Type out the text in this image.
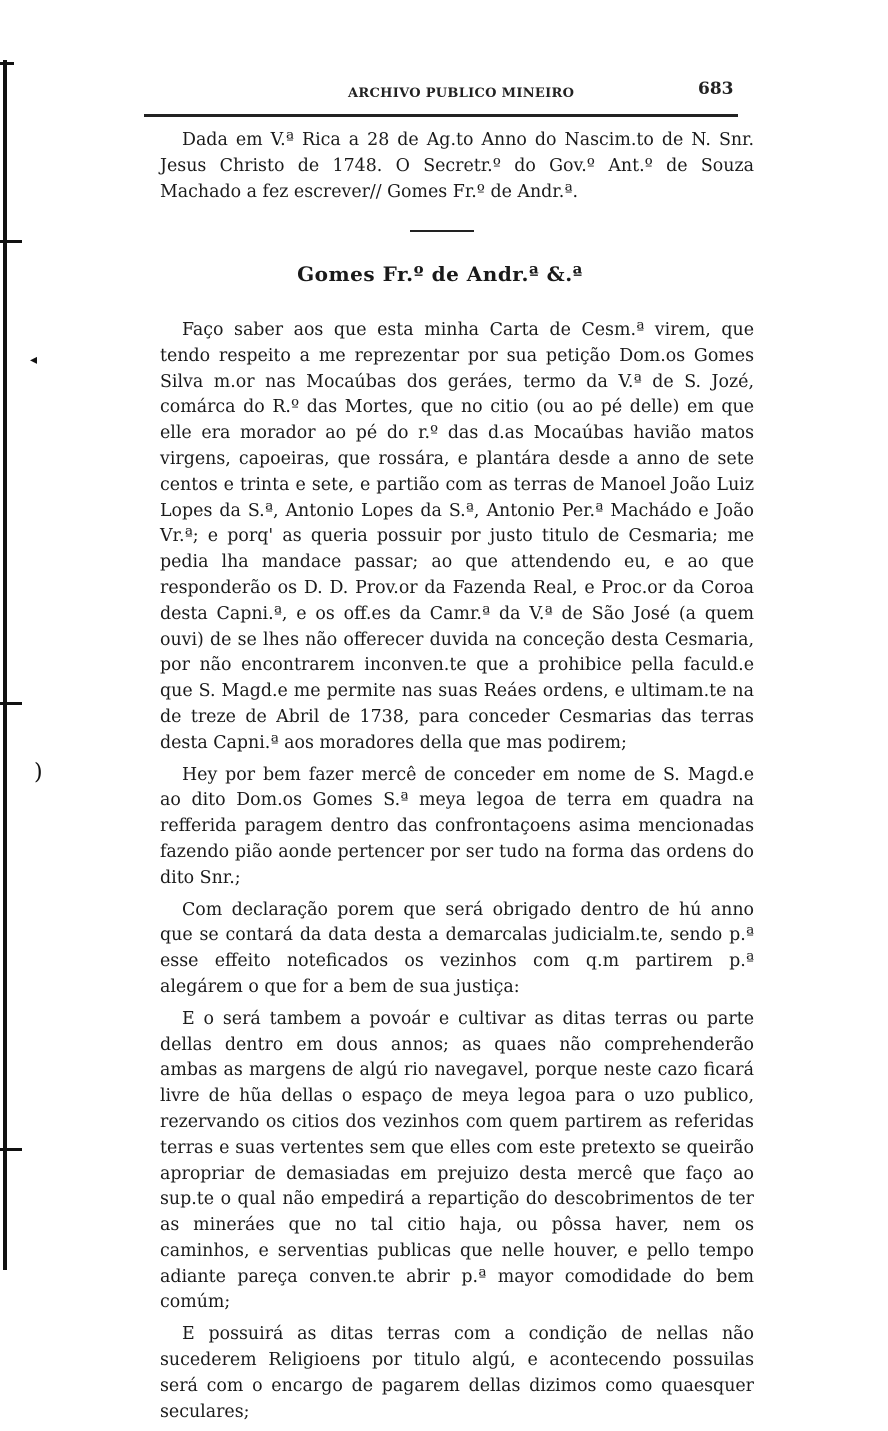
◂
)
ARCHIVO PUBLICO MINEIRO	683

Dada em V.ª Rica a 28 de Ag.to Anno do Nascim.to de N. Snr. Jesus Christo de 1748. O Secretr.º do Gov.º Ant.º de Souza Machado a fez escrever// Gomes Fr.º de Andr.ª.

Gomes Fr.º de Andr.ª &.ª

Faço saber aos que esta minha Carta de Cesm.ª virem, que tendo respeito a me reprezentar por sua petição Dom.os Gomes Silva m.or nas Mocaúbas dos geráes, termo da V.ª de S. Jozé, comárca do R.º das Mortes, que no citio (ou ao pé delle) em que elle era morador ao pé do r.º das d.as Mocaúbas havião matos virgens, capoeiras, que rossára, e plantára desde a anno de sete centos e trinta e sete, e partião com as terras de Manoel João Luiz Lopes da S.ª, Antonio Lopes da S.ª, Antonio Per.ª Machádo e João Vr.ª; e porq' as queria possuir por justo titulo de Cesmaria; me pedia lha mandace passar; ao que attendendo eu, e ao que responderão os D. D. Prov.or da Fazenda Real, e Proc.or da Coroa desta Capni.ª, e os off.es da Camr.ª da V.ª de São José (a quem ouvi) de se lhes não offerecer duvida na conceção desta Cesmaria, por não encontrarem inconven.te que a prohibice pella faculd.e que S. Magd.e me permite nas suas Reáes ordens, e ultimam.te na de treze de Abril de 1738, para conceder Cesmarias das terras desta Capni.ª aos moradores della que mas podirem;

Hey por bem fazer mercê de conceder em nome de S. Magd.e ao dito Dom.os Gomes S.ª meya legoa de terra em quadra na refferida paragem dentro das confrontaçoens asima mencionadas fazendo pião aonde pertencer por ser tudo na forma das ordens do dito Snr.;

Com declaração porem que será obrigado dentro de hú anno que se contará da data desta a demarcalas judicialm.te, sendo p.ª esse effeito noteficados os vezinhos com q.m partirem p.ª alegárem o que for a bem de sua justiça:

E o será tambem a povoár e cultivar as ditas terras ou parte dellas dentro em dous annos; as quaes não comprehenderão ambas as margens de algú rio navegavel, porque neste cazo ficará livre de hũa dellas o espaço de meya legoa para o uzo publico, rezervando os citios dos vezinhos com quem partirem as referidas terras e suas vertentes sem que elles com este pretexto se queirão apropriar de demasiadas em prejuizo desta mercê que faço ao sup.te o qual não empedirá a repartição do descobrimentos de ter as mineráes que no tal citio haja, ou pôssa haver, nem os caminhos, e serventias publicas que nelle houver, e pello tempo adiante pareça conven.te abrir p.ª mayor comodidade do bem comúm;

E possuirá as ditas terras com a condição de nellas não sucederem Religioens por titulo algú, e acontecendo possuilas será com o encargo de pagarem dellas dizimos como quaesquer seculares;
